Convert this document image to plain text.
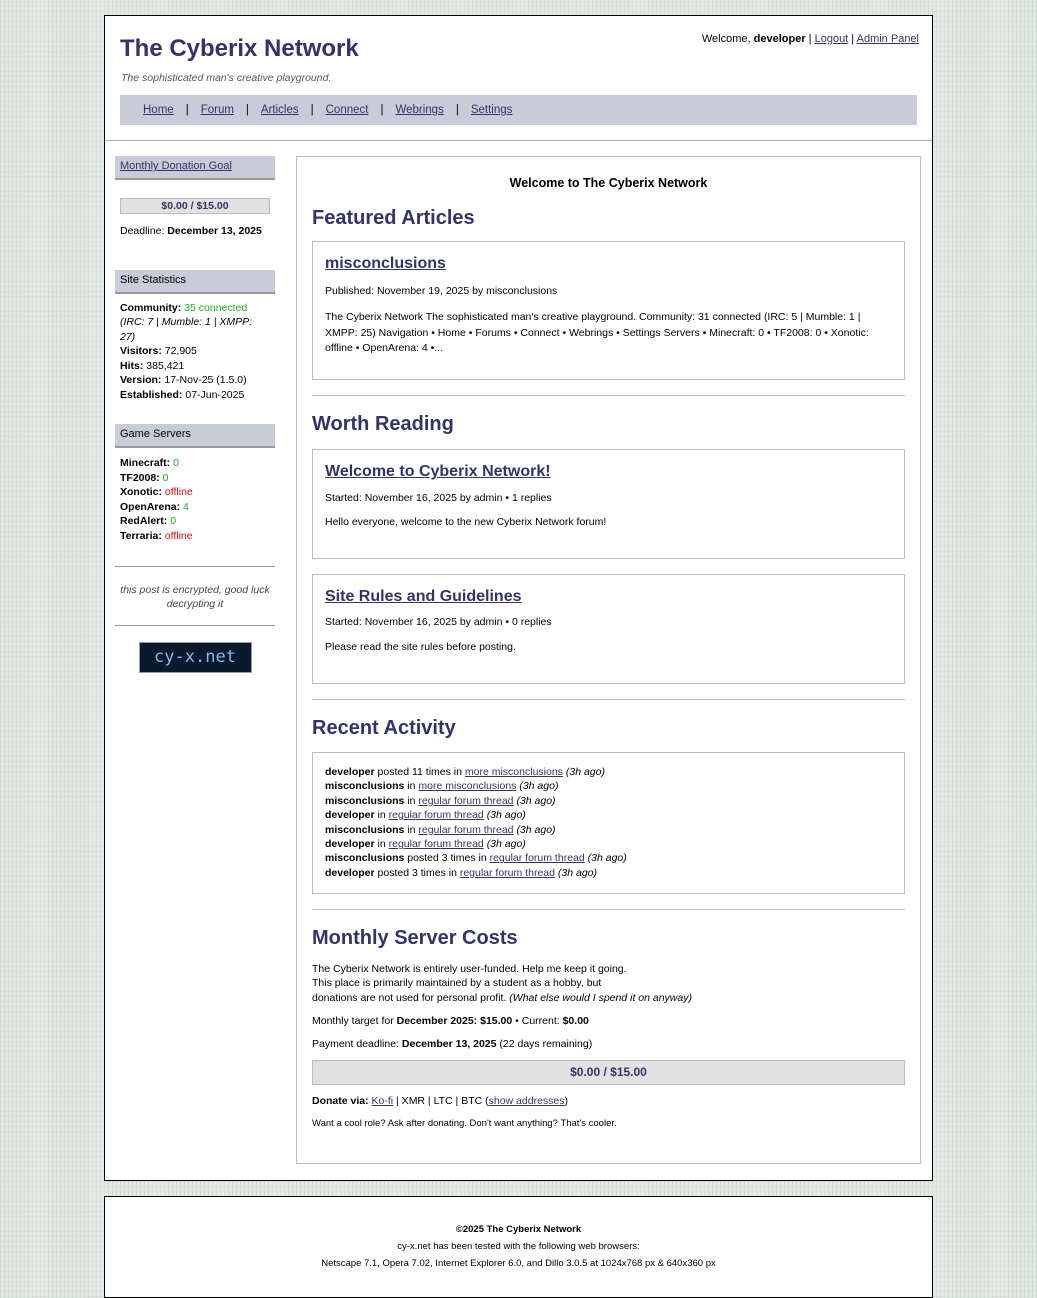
The Cyberix Network
The sophisticated man's creative playground.
Welcome, developer | Logout | Admin Panel
Home | Forum | Articles | Connect | Webrings | Settings
Monthly Donation Goal
$0.00 / $15.00
Deadline: December 13, 2025
Site Statistics
Community: 35 connected
(IRC: 7 | Mumble: 1 | XMPP: 27)
Visitors: 72,905
Hits: 385,421
Version: 17-Nov-25 (1.5.0)
Established: 07-Jun-2025
Game Servers
Minecraft: 0
TF2008: 0
Xonotic: offline
OpenArena: 4
RedAlert: 0
Terraria: offline
this post is encrypted, good luck decrypting it
cy-x.net
Welcome to The Cyberix Network
Featured Articles
misconclusions
Published: November 19, 2025 by misconclusions
The Cyberix Network The sophisticated man's creative playground. Community: 31 connected (IRC: 5 | Mumble: 1 | XMPP: 25) Navigation • Home • Forums • Connect • Webrings • Settings Servers • Minecraft: 0 • TF2008: 0 • Xonotic: offline • OpenArena: 4 •...
Worth Reading
Welcome to Cyberix Network!
Started: November 16, 2025 by admin • 1 replies
Hello everyone, welcome to the new Cyberix Network forum!
Site Rules and Guidelines
Started: November 16, 2025 by admin • 0 replies
Please read the site rules before posting.
Recent Activity
developer posted 11 times in more misconclusions (3h ago)
misconclusions in more misconclusions (3h ago)
misconclusions in regular forum thread (3h ago)
developer in regular forum thread (3h ago)
misconclusions in regular forum thread (3h ago)
developer in regular forum thread (3h ago)
misconclusions posted 3 times in regular forum thread (3h ago)
developer posted 3 times in regular forum thread (3h ago)
Monthly Server Costs
The Cyberix Network is entirely user-funded. Help me keep it going.
This place is primarily maintained by a student as a hobby, but
donations are not used for personal profit. (What else would I spend it on anyway)
Monthly target for December 2025: $15.00 • Current: $0.00
Payment deadline: December 13, 2025 (22 days remaining)
$0.00 / $15.00
Donate via: Ko-fi | XMR | LTC | BTC (show addresses)
Want a cool role? Ask after donating. Don't want anything? That's cooler.
©2025 The Cyberix Network
cy-x.net has been tested with the following web browsers:
Netscape 7.1, Opera 7.02, Internet Explorer 6.0, and Dillo 3.0.5 at 1024x768 px & 640x360 px
